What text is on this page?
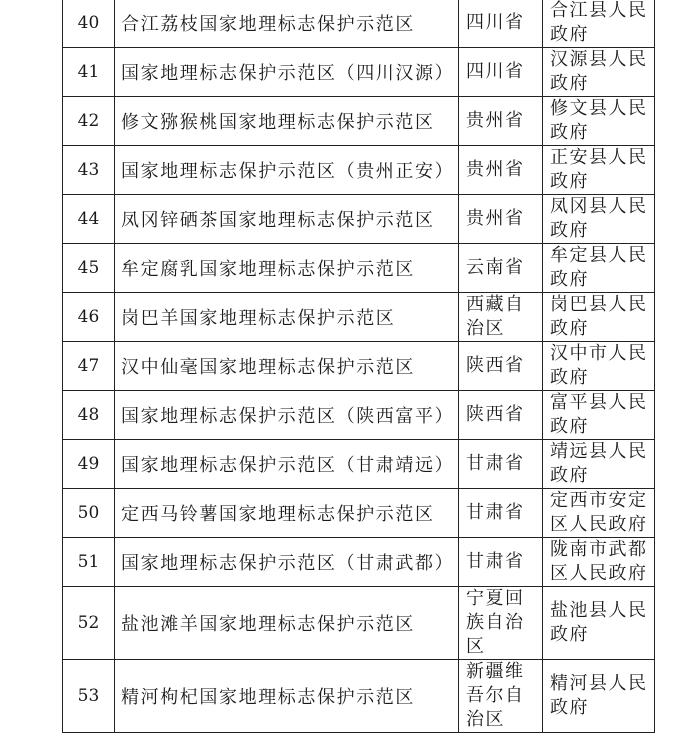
40	合江荔枝国家地理标志保护示范区	四川省	合江县人民
政府

41	国家地理标志保护示范区（四川汉源）	四川省	汉源县人民
政府

42	修文猕猴桃国家地理标志保护示范区	贵州省	修文县人民
政府

43	国家地理标志保护示范区（贵州正安）	贵州省	正安县人民
政府

44	凤冈锌硒茶国家地理标志保护示范区	贵州省	凤冈县人民
政府

45	牟定腐乳国家地理标志保护示范区	云南省	牟定县人民
政府

46	岗巴羊国家地理标志保护示范区	西藏自
治区	岗巴县人民
政府

47	汉中仙毫国家地理标志保护示范区	陕西省	汉中市人民
政府

48	国家地理标志保护示范区（陕西富平）	陕西省	富平县人民
政府

49	国家地理标志保护示范区（甘肃靖远）	甘肃省	靖远县人民
政府

50	定西马铃薯国家地理标志保护示范区	甘肃省	定西市安定
区人民政府

51	国家地理标志保护示范区（甘肃武都）	甘肃省	陇南市武都
区人民政府

52	盐池滩羊国家地理标志保护示范区	宁夏回
族自治
区	盐池县人民
政府

53	精河枸杞国家地理标志保护示范区	新疆维
吾尔自
治区	精河县人民
政府
